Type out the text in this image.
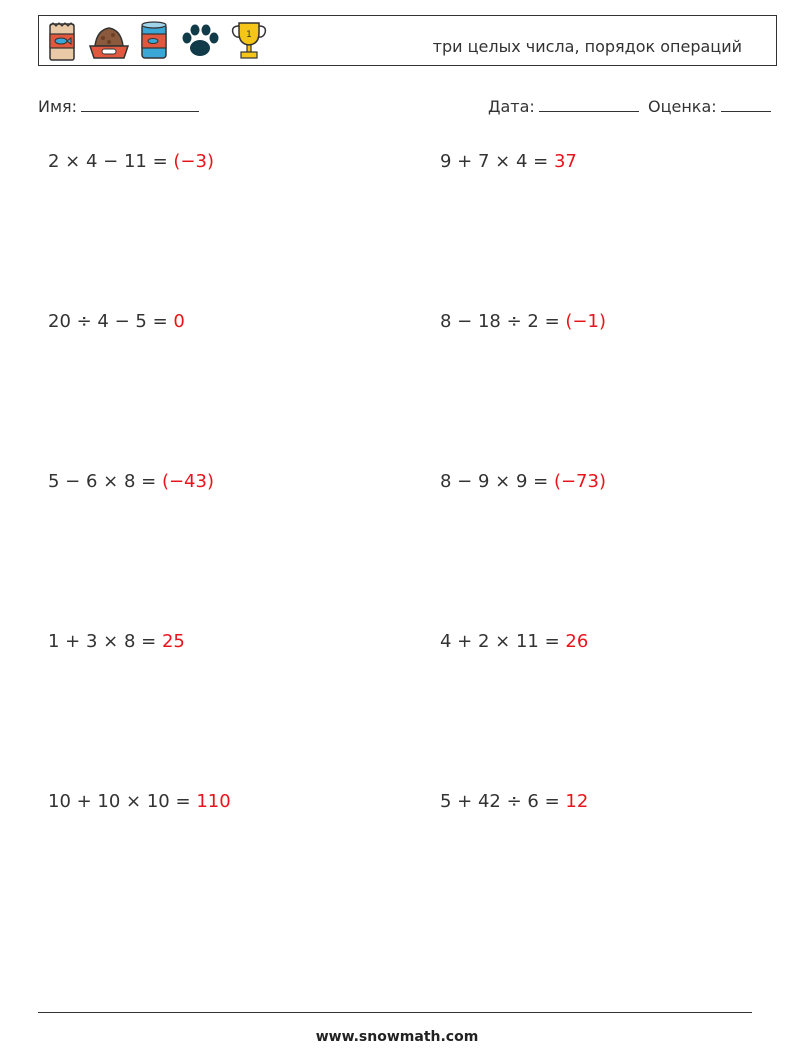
1
три целых числа, порядок операций
Имя:	Дата:	Оценка:
2 × 4 − 11 = (−3)	9 + 7 × 4 = 37
20 ÷ 4 − 5 = 0	8 − 18 ÷ 2 = (−1)
5 − 6 × 8 = (−43)	8 − 9 × 9 = (−73)
1 + 3 × 8 = 25	4 + 2 × 11 = 26
10 + 10 × 10 = 110	5 + 42 ÷ 6 = 12
www.snowmath.com
